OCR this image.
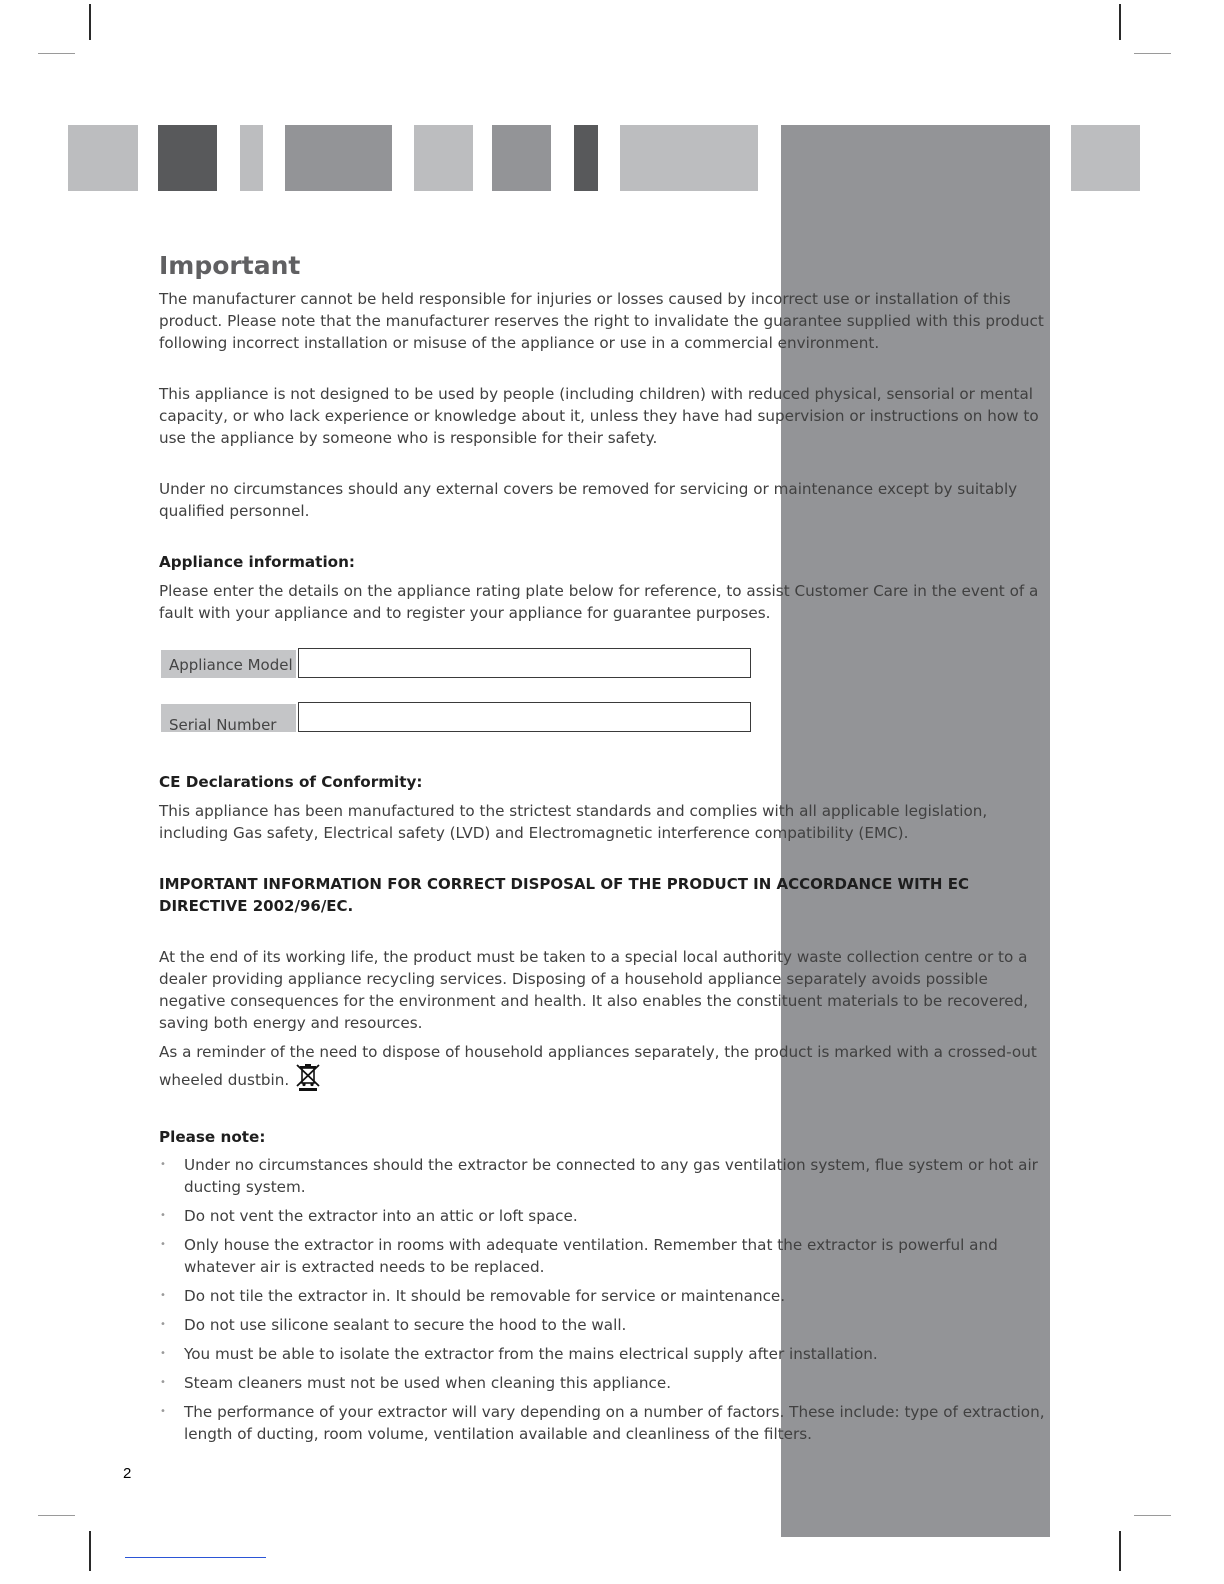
Important

The manufacturer cannot be held responsible for injuries or losses caused by incorrect use or installation of this product. Please note that the manufacturer reserves the right to invalidate the guarantee supplied with this product following incorrect installation or misuse of the appliance or use in a commercial environment.

This appliance is not designed to be used by people (including children) with reduced physical, sensorial or mental capacity, or who lack experience or knowledge about it, unless they have had supervision or instructions on how to use the appliance by someone who is responsible for their safety.

Under no circumstances should any external covers be removed for servicing or maintenance except by suitably qualified personnel.

Appliance information:

Please enter the details on the appliance rating plate below for reference, to assist Customer Care in the event of a fault with your appliance and to register your appliance for guarantee purposes.

Appliance Model
Serial Number
CE Declarations of Conformity:

This appliance has been manufactured to the strictest standards and complies with all applicable legislation, including Gas safety, Electrical safety (LVD) and Electromagnetic interference compatibility (EMC).

IMPORTANT INFORMATION FOR CORRECT DISPOSAL OF THE PRODUCT IN ACCORDANCE WITH EC DIRECTIVE 2002/96/EC.

At the end of its working life, the product must be taken to a special local authority waste collection centre or to a dealer providing appliance recycling services. Disposing of a household appliance separately avoids possible negative consequences for the environment and health. It also enables the constituent materials to be recovered, saving both energy and resources.

As a reminder of the need to dispose of household appliances separately, the product is marked with a crossed-out wheeled dustbin.

Please note:
• Under no circumstances should the extractor be connected to any gas ventilation system, flue system or hot air ducting system.
• Do not vent the extractor into an attic or loft space.
• Only house the extractor in rooms with adequate ventilation. Remember that the extractor is powerful and whatever air is extracted needs to be replaced.
• Do not tile the extractor in. It should be removable for service or maintenance.
• Do not use silicone sealant to secure the hood to the wall.
• You must be able to isolate the extractor from the mains electrical supply after installation.
• Steam cleaners must not be used when cleaning this appliance.
• The performance of your extractor will vary depending on a number of factors. These include: type of extraction, length of ducting, room volume, ventilation available and cleanliness of the filters.
2
